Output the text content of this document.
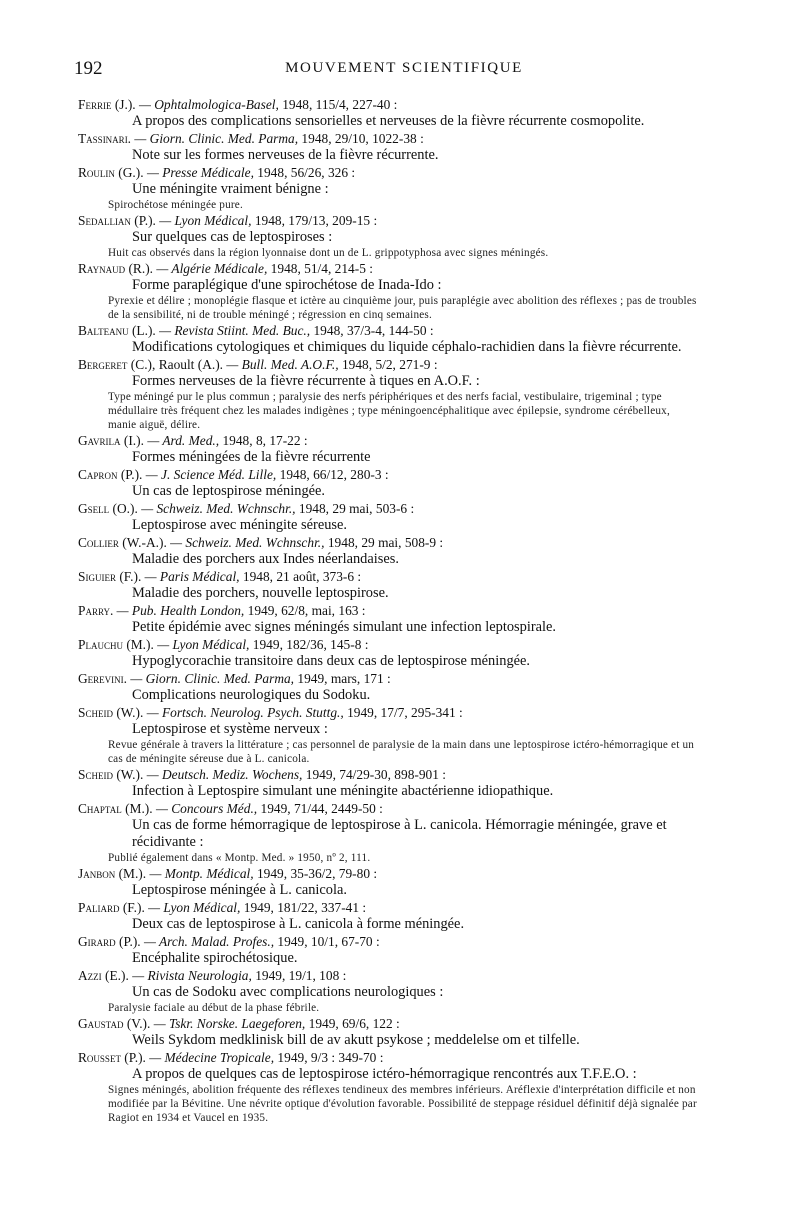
192	MOUVEMENT SCIENTIFIQUE
Ferrie (J.). — Ophtalmologica-Basel, 1948, 115/4, 227-40 :
A propos des complications sensorielles et nerveuses de la fièvre récurrente cosmopolite.
Tassinari. — Giorn. Clinic. Med. Parma, 1948, 29/10, 1022-38 :
Note sur les formes nerveuses de la fièvre récurrente.
Roulin (G.). — Presse Médicale, 1948, 56/26, 326 :
Une méningite vraiment bénigne :
Spirochétose méningée pure.
Sedallian (P.). — Lyon Médical, 1948, 179/13, 209-15 :
Sur quelques cas de leptospiroses :
Huit cas observés dans la région lyonnaise dont un de L. grippotyphosa avec signes méningés.
Raynaud (R.). — Algérie Médicale, 1948, 51/4, 214-5 :
Forme paraplégique d'une spirochétose de Inada-Ido :
Pyrexie et délire ; monoplégie flasque et ictère au cinquième jour, puis paraplégie avec abolition des réflexes ; pas de troubles de la sensibilité, ni de trouble méningé ; régression en cinq semaines.
Balteanu (L.). — Revista Stiint. Med. Buc., 1948, 37/3-4, 144-50 :
Modifications cytologiques et chimiques du liquide céphalo-rachidien dans la fièvre récurrente.
Bergeret (C.), Raoult (A.). — Bull. Med. A.O.F., 1948, 5/2, 271-9 :
Formes nerveuses de la fièvre récurrente à tiques en A.O.F. :
Type méningé pur le plus commun ; paralysie des nerfs périphériques et des nerfs facial, vestibulaire, trigeminal ; type médullaire très fréquent chez les malades indigènes ; type méningoencéphalitique avec épilepsie, syndrome cérébelleux, manie aiguë, délire.
Gavrila (I.). — Ard. Med., 1948, 8, 17-22 :
Formes méningées de la fièvre récurrente
Capron (P.). — J. Science Méd. Lille, 1948, 66/12, 280-3 :
Un cas de leptospirose méningée.
Gsell (O.). — Schweiz. Med. Wchnschr., 1948, 29 mai, 503-6 :
Leptospirose avec méningite séreuse.
Collier (W.-A.). — Schweiz. Med. Wchnschr., 1948, 29 mai, 508-9 :
Maladie des porchers aux Indes néerlandaises.
Siguier (F.). — Paris Médical, 1948, 21 août, 373-6 :
Maladie des porchers, nouvelle leptospirose.
Parry. — Pub. Health London, 1949, 62/8, mai, 163 :
Petite épidémie avec signes méningés simulant une infection leptospirale.
Plauchu (M.). — Lyon Médical, 1949, 182/36, 145-8 :
Hypoglycorachie transitoire dans deux cas de leptospirose méningée.
Gerevini. — Giorn. Clinic. Med. Parma, 1949, mars, 171 :
Complications neurologiques du Sodoku.
Scheid (W.). — Fortsch. Neurolog. Psych. Stuttg., 1949, 17/7, 295-341 :
Leptospirose et système nerveux :
Revue générale à travers la littérature ; cas personnel de paralysie de la main dans une leptospirose ictéro-hémorragique et un cas de méningite séreuse due à L. canicola.
Scheid (W.). — Deutsch. Mediz. Wochens, 1949, 74/29-30, 898-901 :
Infection à Leptospire simulant une méningite abactérienne idiopathique.
Chaptal (M.). — Concours Méd., 1949, 71/44, 2449-50 :
Un cas de forme hémorragique de leptospirose à L. canicola. Hémorragie méningée, grave et récidivante :
Publié également dans « Montp. Med. » 1950, nº 2, 111.
Janbon (M.). — Montp. Médical, 1949, 35-36/2, 79-80 :
Leptospirose méningée à L. canicola.
Paliard (F.). — Lyon Médical, 1949, 181/22, 337-41 :
Deux cas de leptospirose à L. canicola à forme méningée.
Girard (P.). — Arch. Malad. Profes., 1949, 10/1, 67-70 :
Encéphalite spirochétosique.
Azzi (E.). — Rivista Neurologia, 1949, 19/1, 108 :
Un cas de Sodoku avec complications neurologiques :
Paralysie faciale au début de la phase fébrile.
Gaustad (V.). — Tskr. Norske. Laegeforen, 1949, 69/6, 122 :
Weils Sykdom medklinisk bill de av akutt psykose ; meddelelse om et tilfelle.
Rousset (P.). — Médecine Tropicale, 1949, 9/3 : 349-70 :
A propos de quelques cas de leptospirose ictéro-hémorragique rencontrés aux T.F.E.O. :
Signes méningés, abolition fréquente des réflexes tendineux des membres inférieurs. Aréflexie d'interprétation difficile et non modifiée par la Bévitine. Une névrite optique d'évolution favorable. Possibilité de steppage résiduel définitif déjà signalée par Ragiot en 1934 et Vaucel en 1935.
